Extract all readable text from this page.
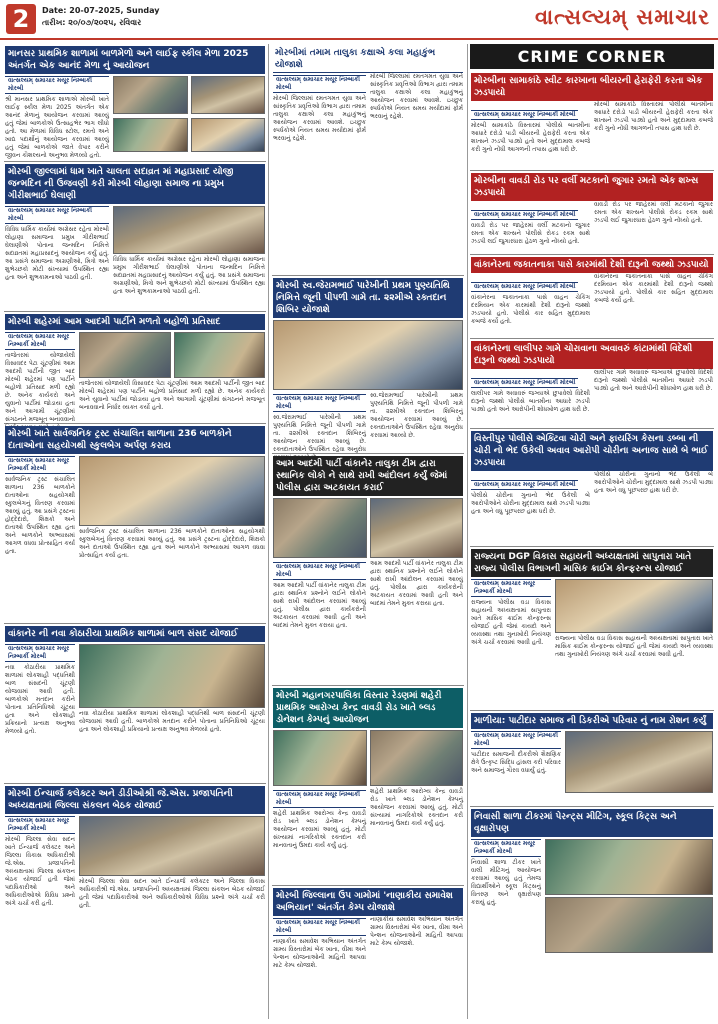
2	Date: 20-07-2025, Sunday
તારીખ: ૨૦/૦૭/૨૦૨૫, રવિવાર	વાત્સલ્યમ્ સમાચાર
માનસર પ્રાથમિક શાળામાં બાળમેળો અને લાઈફ સ્કીલ મેળા 2025 અંતર્ગત એક આનંદ મેળા નું આયોજન
વાત્સલ્યમ્ સમાચાર મયૂર નિમ્બાર્કી મોરબી
શ્રી માનસર પ્રાથમિક શાળાએ મોરબી ખાતે લાઈફ સ્કીલ મેળા 2025 અંતર્ગત એક આનંદ મેળાનું આયોજન કરવામાં આવ્યું હતું જેમાં બાળકોએ ઉત્સાહભેર ભાગ લીધો હતો. આ મેળામાં વિવિધ સ્ટોલ, રમતો અને ખાદ્ય પદાર્થોનું આયોજન કરવામાં આવ્યું હતું જેમાં બાળકોએ જાતે વેપાર કરીને જીવન કૌશલ્યનો અનુભવ મેળવ્યો હતો.
મોરબી જીલ્લામાં ધામ ખાતે ચાલતા સદાવ્રત માં મહાપ્રસાદ યોજી જન્મદિન ની ઉજવણી કરી મોરબી લોહાણા સમાજ ના પ્રમુખ ગીરીશભાઈ ઘેલાણી
વાત્સલ્યમ્ સમાચાર મયૂર નિમ્બાર્કી મોરબી
વિવિધ ધાર્મિક કાર્યોમાં અગ્રેસર રહેતા મોરબી લોહાણા સમાજના પ્રમુખ ગીરીશભાઈ ઘેલાણીએ પોતાના જન્મદિન નિમિત્તે સદાવ્રતમાં મહાપ્રસાદનું આયોજન કર્યું હતું. આ પ્રસંગે સમાજના અગ્રણીઓ, મિત્રો અને શુભેચ્છકો મોટી સંખ્યામાં ઉપસ્થિત રહ્યા હતા અને શુભકામનાઓ પાઠવી હતી.
વિવિધ ધાર્મિક કાર્યોમાં અગ્રેસર રહેતા મોરબી લોહાણા સમાજના પ્રમુખ ગીરીશભાઈ ઘેલાણીએ પોતાના જન્મદિન નિમિત્તે સદાવ્રતમાં મહાપ્રસાદનું આયોજન કર્યું હતું. આ પ્રસંગે સમાજના અગ્રણીઓ, મિત્રો અને શુભેચ્છકો મોટી સંખ્યામાં ઉપસ્થિત રહ્યા હતા અને શુભકામનાઓ પાઠવી હતી.
મોરબી શહેરમાં આમ આદમી પાર્ટીને મળતો બહોળો પ્રતિસાદ
વાત્સલ્યમ્ સમાચાર મયૂર નિમ્બાર્કી મોરબી
તાજેતરમાં યોજાયેલી વિસાવદર પેટા ચૂંટણીમાં આમ આદમી પાર્ટીની જીત બાદ મોરબી શહેરમાં પણ પાર્ટીને બહોળો પ્રતિસાદ મળી રહ્યો છે. અનેક કાર્યકરો અને યુવાનો પાર્ટીમાં જોડાયા હતા અને આગામી ચૂંટણીમાં સંગઠનને મજબૂત બનાવવાનો
તાજેતરમાં યોજાયેલી વિસાવદર પેટા ચૂંટણીમાં આમ આદમી પાર્ટીની જીત બાદ મોરબી શહેરમાં પણ પાર્ટીને બહોળો પ્રતિસાદ મળી રહ્યો છે. અનેક કાર્યકરો અને યુવાનો પાર્ટીમાં જોડાયા હતા અને આગામી ચૂંટણીમાં સંગઠનને મજબૂત બનાવવાનો નિર્ધાર વ્યક્ત કર્યો હતો.
મોરબી ખાતે સાર્વજનિક ટ્રસ્ટ સંચાલિત શાળાના 236 બાળકોને દાતાઓના સહયોગથી સ્કુલબેગ અર્પણ કરાય
વાત્સલ્યમ્ સમાચાર મયૂર નિમ્બાર્કી મોરબી
સાર્વજનિક ટ્રસ્ટ સંચાલિત શાળાના 236 બાળકોને દાતાઓના સહયોગથી સ્કુલબેગનું વિતરણ કરવામાં આવ્યું હતું. આ પ્રસંગે ટ્રસ્ટના હોદ્દેદારો, શિક્ષકો અને દાતાઓ ઉપસ્થિત રહ્યા હતા અને બાળકોને અભ્યાસમાં આગળ વધવા પ્રોત્સાહિત કર્યા હતા.
સાર્વજનિક ટ્રસ્ટ સંચાલિત શાળાના 236 બાળકોને દાતાઓના સહયોગથી સ્કુલબેગનું વિતરણ કરવામાં આવ્યું હતું. આ પ્રસંગે ટ્રસ્ટના હોદ્દેદારો, શિક્ષકો અને દાતાઓ ઉપસ્થિત રહ્યા હતા અને બાળકોને અભ્યાસમાં આગળ વધવા પ્રોત્સાહિત કર્યા હતા.
વાંકાનેર ની નવા કોઠારીયા પ્રાથમિક શાળામાં બાળ સંસદ યોજાઈ
વાત્સલ્યમ્ સમાચાર મયૂર નિમ્બાર્કી મોરબી
નવા કોઠારીયા પ્રાથમિક શાળામાં લોકશાહી પદ્ધતિથી બાળ સંસદની ચૂંટણી યોજવામાં આવી હતી. બાળકોએ મતદાન કરીને પોતાના પ્રતિનિધિઓ ચૂંટ્યા હતા અને લોકશાહી પ્રક્રિયાનો પ્રત્યક્ષ અનુભવ મેળવ્યો હતો.
નવા કોઠારીયા પ્રાથમિક શાળામાં લોકશાહી પદ્ધતિથી બાળ સંસદની ચૂંટણી યોજવામાં આવી હતી. બાળકોએ મતદાન કરીને પોતાના પ્રતિનિધિઓ ચૂંટ્યા હતા અને લોકશાહી પ્રક્રિયાનો પ્રત્યક્ષ અનુભવ મેળવ્યો હતો.
મોરબી ઈન્ચાર્જ કલેક્ટર અને ડીડીઓશ્રી જે.એસ. પ્રજાપતિની અધ્યક્ષતામાં જિલ્લા સંકલન બેઠક યોજાઈ
વાત્સલ્યમ્ સમાચાર મયૂર નિમ્બાર્કી મોરબી
મોરબી જિલ્લા સેવા સદન ખાતે ઈન્ચાર્જ કલેક્ટર અને જિલ્લા વિકાસ અધિકારીશ્રી જે.એસ. પ્રજાપતિની અધ્યક્ષતામાં જિલ્લા સંકલન બેઠક યોજાઈ હતી જેમાં પદાધિકારીઓ અને અધિકારીઓએ વિવિધ પ્રશ્નો અંગે ચર્ચા કરી હતી.
મોરબી જિલ્લા સેવા સદન ખાતે ઈન્ચાર્જ કલેક્ટર અને જિલ્લા વિકાસ અધિકારીશ્રી જે.એસ. પ્રજાપતિની અધ્યક્ષતામાં જિલ્લા સંકલન બેઠક યોજાઈ હતી જેમાં પદાધિકારીઓ અને અધિકારીઓએ વિવિધ પ્રશ્નો અંગે ચર્ચા કરી હતી.
મોરબીમાં તમામ તાલુકા કક્ષાએ કલા મહાકુંભ યોજાશે
વાત્સલ્યમ્ સમાચાર મયૂર નિમ્બાર્કી મોરબી
મોરબી જિલ્લામાં રમતગમત યુવા અને સાંસ્કૃતિક પ્રવૃત્તિઓ વિભાગ દ્વારા તમામ તાલુકા કક્ષાએ કલા મહાકુંભનું આયોજન કરવામાં આવશે. ઇચ્છુક સ્પર્ધકોએ નિયત સમય મર્યાદામાં ફોર્મ ભરવાનું રહેશે.
મોરબી જિલ્લામાં રમતગમત યુવા અને સાંસ્કૃતિક પ્રવૃત્તિઓ વિભાગ દ્વારા તમામ તાલુકા કક્ષાએ કલા મહાકુંભનું આયોજન કરવામાં આવશે. ઇચ્છુક સ્પર્ધકોએ નિયત સમય મર્યાદામાં ફોર્મ ભરવાનું રહેશે.
મોરબી સ્વ.જેરામભાઈ પારેખીની પ્રથમ પુણ્યતિથિ નિમિત્તે જૂની પીપળી ગામે તા. ૨૨મીએ રક્તદાન શિબિર યોજાશે
વાત્સલ્યમ્ સમાચાર મયૂર નિમ્બાર્કી મોરબી
સ્વ.જેરામભાઈ પારેખીની પ્રથમ પુણ્યતિથિ નિમિત્તે જૂની પીપળી ગામે તા. ૨૨મીએ રક્તદાન શિબિરનું આયોજન કરવામાં આવ્યું છે. રક્તદાતાઓને ઉપસ્થિત રહેવા અનુરોધ
સ્વ.જેરામભાઈ પારેખીની પ્રથમ પુણ્યતિથિ નિમિત્તે જૂની પીપળી ગામે તા. ૨૨મીએ રક્તદાન શિબિરનું આયોજન કરવામાં આવ્યું છે. રક્તદાતાઓને ઉપસ્થિત રહેવા અનુરોધ કરવામાં આવ્યો છે.
આમ આદમી પાર્ટી વાંકાનેર તાલુકા ટીમ દ્વારા સ્થાનિક લોકો ને સાથે રાખી આંદોલન કર્યું જેમાં પોલીસ દ્વારા અટકાયત કરાઈ
વાત્સલ્યમ્ સમાચાર મયૂર નિમ્બાર્કી મોરબી
આમ આદમી પાર્ટી વાંકાનેર તાલુકા ટીમ દ્વારા સ્થાનિક પ્રશ્નોને લઈને લોકોને સાથે રાખી આંદોલન કરવામાં આવ્યું હતું. પોલીસ દ્વારા કાર્યકરોની અટકાયત કરવામાં આવી હતી અને બાદમાં તેમને મુક્ત કરાયા હતા.
આમ આદમી પાર્ટી વાંકાનેર તાલુકા ટીમ દ્વારા સ્થાનિક પ્રશ્નોને લઈને લોકોને સાથે રાખી આંદોલન કરવામાં આવ્યું હતું. પોલીસ દ્વારા કાર્યકરોની અટકાયત કરવામાં આવી હતી અને બાદમાં તેમને મુક્ત કરાયા હતા.
મોરબી મહાનગરપાલિકા વિસ્તાર રેડણમાં શહેરી પ્રાથમિક આરોગ્ય કેન્દ્ર વાવડી રોડ ખાતે બ્લડ ડોનેશન કેમ્પનું આયોજન
વાત્સલ્યમ્ સમાચાર મયૂર નિમ્બાર્કી મોરબી
શહેરી પ્રાથમિક આરોગ્ય કેન્દ્ર વાવડી રોડ ખાતે બ્લડ ડોનેશન કેમ્પનું આયોજન કરવામાં આવ્યું હતું. મોટી સંખ્યામાં નાગરિકોએ રક્તદાન કરી માનવતાનું ઉમદા કાર્ય કર્યું હતું.
શહેરી પ્રાથમિક આરોગ્ય કેન્દ્ર વાવડી રોડ ખાતે બ્લડ ડોનેશન કેમ્પનું આયોજન કરવામાં આવ્યું હતું. મોટી સંખ્યામાં નાગરિકોએ રક્તદાન કરી માનવતાનું ઉમદા કાર્ય કર્યું હતું.
મોરબી જિલ્લાના ઉપ ગામોમાં 'નાણાકીય સમાવેશ અભિયાન' અંતર્ગત કેમ્પ યોજાશે
વાત્સલ્યમ્ સમાચાર મયૂર નિમ્બાર્કી મોરબી
નાણાકીય સમાવેશ અભિયાન અંતર્ગત ગ્રામ્ય વિસ્તારોમાં બેંક ખાતા, વીમા અને પેન્શન યોજનાઓની માહિતી આપવા માટે કેમ્પ યોજાશે.
નાણાકીય સમાવેશ અભિયાન અંતર્ગત ગ્રામ્ય વિસ્તારોમાં બેંક ખાતા, વીમા અને પેન્શન યોજનાઓની માહિતી આપવા માટે કેમ્પ યોજાશે.
CRIME CORNER
મોરબીના સામાકાંઠે સ્વીટ કારખાના બીયરની હેરાફેરી કરતા એક ઝડપાયો
વાત્સલ્યમ્ સમાચાર મયૂર નિમ્બાર્કી મોરબી
મોરબી સામાકાંઠે વિસ્તારમાં પોલીસે બાતમીના આધારે દરોડો પાડી બીયરની હેરાફેરી કરતા એક શખ્સને ઝડપી પાડ્યો હતો અને મુદ્દામાલ કબજે કરી ગુનો નોંધી આગળની તપાસ હાથ ધરી છે.
મોરબી સામાકાંઠે વિસ્તારમાં પોલીસે બાતમીના આધારે દરોડો પાડી બીયરની હેરાફેરી કરતા એક શખ્સને ઝડપી પાડ્યો હતો અને મુદ્દામાલ કબજે કરી ગુનો નોંધી આગળની તપાસ હાથ ધરી છે.
મોરબીના વાવડી રોડ પર વર્લી મટકાનો જુગાર રમતો એક શખ્સ ઝડપાયો
વાત્સલ્યમ્ સમાચાર મયૂર નિમ્બાર્કી મોરબી
વાવડી રોડ પર જાહેરમાં વર્લી મટકાનો જુગાર રમતા એક શખ્સને પોલીસે રોકડ રકમ સાથે ઝડપી લઈ જુગારધારા હેઠળ ગુનો નોંધ્યો હતો.
વાવડી રોડ પર જાહેરમાં વર્લી મટકાનો જુગાર રમતા એક શખ્સને પોલીસે રોકડ રકમ સાથે ઝડપી લઈ જુગારધારા હેઠળ ગુનો નોંધ્યો હતો.
વાંકાનેરના જકાતનાકા પાસે કારમાંથી દેશી દારૂનો જથ્થો ઝડપાયો
વાત્સલ્યમ્ સમાચાર મયૂર નિમ્બાર્કી મોરબી
વાંકાનેરના જકાતનાકા પાસે વાહન ચેકિંગ દરમિયાન એક કારમાંથી દેશી દારૂનો જથ્થો ઝડપાયો હતો. પોલીસે કાર સહિત મુદ્દામાલ કબજે કર્યો હતો.
વાંકાનેરના જકાતનાકા પાસે વાહન ચેકિંગ દરમિયાન એક કારમાંથી દેશી દારૂનો જથ્થો ઝડપાયો હતો. પોલીસે કાર સહિત મુદ્દામાલ કબજે કર્યો હતો.
વાંકાનેરના લાલીપર ગામે ચોરાવાના અવાવરું કાંટામાંથી વિદેશી દારૂનો જથ્થો ઝડપાયો
વાત્સલ્યમ્ સમાચાર મયૂર નિમ્બાર્કી મોરબી
લાલીપર ગામે અવાવરું જગ્યાએ છુપાવેલો વિદેશી દારૂનો જથ્થો પોલીસે બાતમીના આધારે ઝડપી પાડ્યો હતો અને આરોપીની શોધખોળ હાથ ધરી છે.
લાલીપર ગામે અવાવરું જગ્યાએ છુપાવેલો વિદેશી દારૂનો જથ્થો પોલીસે બાતમીના આધારે ઝડપી પાડ્યો હતો અને આરોપીની શોધખોળ હાથ ધરી છે.
વિસ્તીપુર પોલીસે એક્ટિવા ચોરી અને ફાયરિંગ કેસના ડબ્બા ની ચોરી નો ભેદ ઉકેલી અવાવ આરોપી ચોરીના અનાજ સાથે બે ભાઈ ઝડપાયા
વાત્સલ્યમ્ સમાચાર મયૂર નિમ્બાર્કી મોરબી
પોલીસે ચોરીના ગુનાનો ભેદ ઉકેલી બે આરોપીઓને ચોરીના મુદ્દામાલ સાથે ઝડપી પાડ્યા હતા અને વધુ પૂછપરછ હાથ ધરી છે.
પોલીસે ચોરીના ગુનાનો ભેદ ઉકેલી બે આરોપીઓને ચોરીના મુદ્દામાલ સાથે ઝડપી પાડ્યા હતા અને વધુ પૂછપરછ હાથ ધરી છે.
રાજ્યના DGP વિકાસ સહાયની અધ્યક્ષતામાં સાપુતારા ખાતે રાજ્ય પોલીસ વિભાગની માસિક ક્રાઈમ કોન્ફરન્સ યોજાઈ
વાત્સલ્યમ્ સમાચાર મયૂર નિમ્બાર્કી મોરબી
રાજ્યના પોલીસ વડા વિકાસ સહાયની અધ્યક્ષતામાં સાપુતારા ખાતે માસિક ક્રાઈમ કોન્ફરન્સ યોજાઈ હતી જેમાં કાયદો અને વ્યવસ્થા તથા ગુનાખોરી નિયંત્રણ અંગે ચર્ચા કરવામાં આવી હતી.
રાજ્યના પોલીસ વડા વિકાસ સહાયની અધ્યક્ષતામાં સાપુતારા ખાતે માસિક ક્રાઈમ કોન્ફરન્સ યોજાઈ હતી જેમાં કાયદો અને વ્યવસ્થા તથા ગુનાખોરી નિયંત્રણ અંગે ચર્ચા કરવામાં આવી હતી.
માળીયા: પાટીદાર સમાજ ની ડિકરીએ પરિવાર નું નામ રોશન કર્યું
વાત્સલ્યમ્ સમાચાર મયૂર નિમ્બાર્કી મોરબી
પાટીદાર સમાજની દીકરીએ શૈક્ષણિક ક્ષેત્રે ઉત્કૃષ્ટ સિદ્ધિ હાંસલ કરી પરિવાર અને સમાજનું ગૌરવ વધાર્યું હતું.
નિવાસી શાળા ટીકરમાં પેરન્ટ્સ મીટિંગ, સ્કૂલ કિટ્સ અને વૃક્ષારોપણ
વાત્સલ્યમ્ સમાચાર મયૂર નિમ્બાર્કી મોરબી
નિવાસી શાળા ટીકર ખાતે વાલી મીટિંગનું આયોજન કરવામાં આવ્યું હતું તેમજ વિદ્યાર્થીઓને સ્કૂલ કિટ્સનું વિતરણ અને વૃક્ષારોપણ કરાયું હતું.
